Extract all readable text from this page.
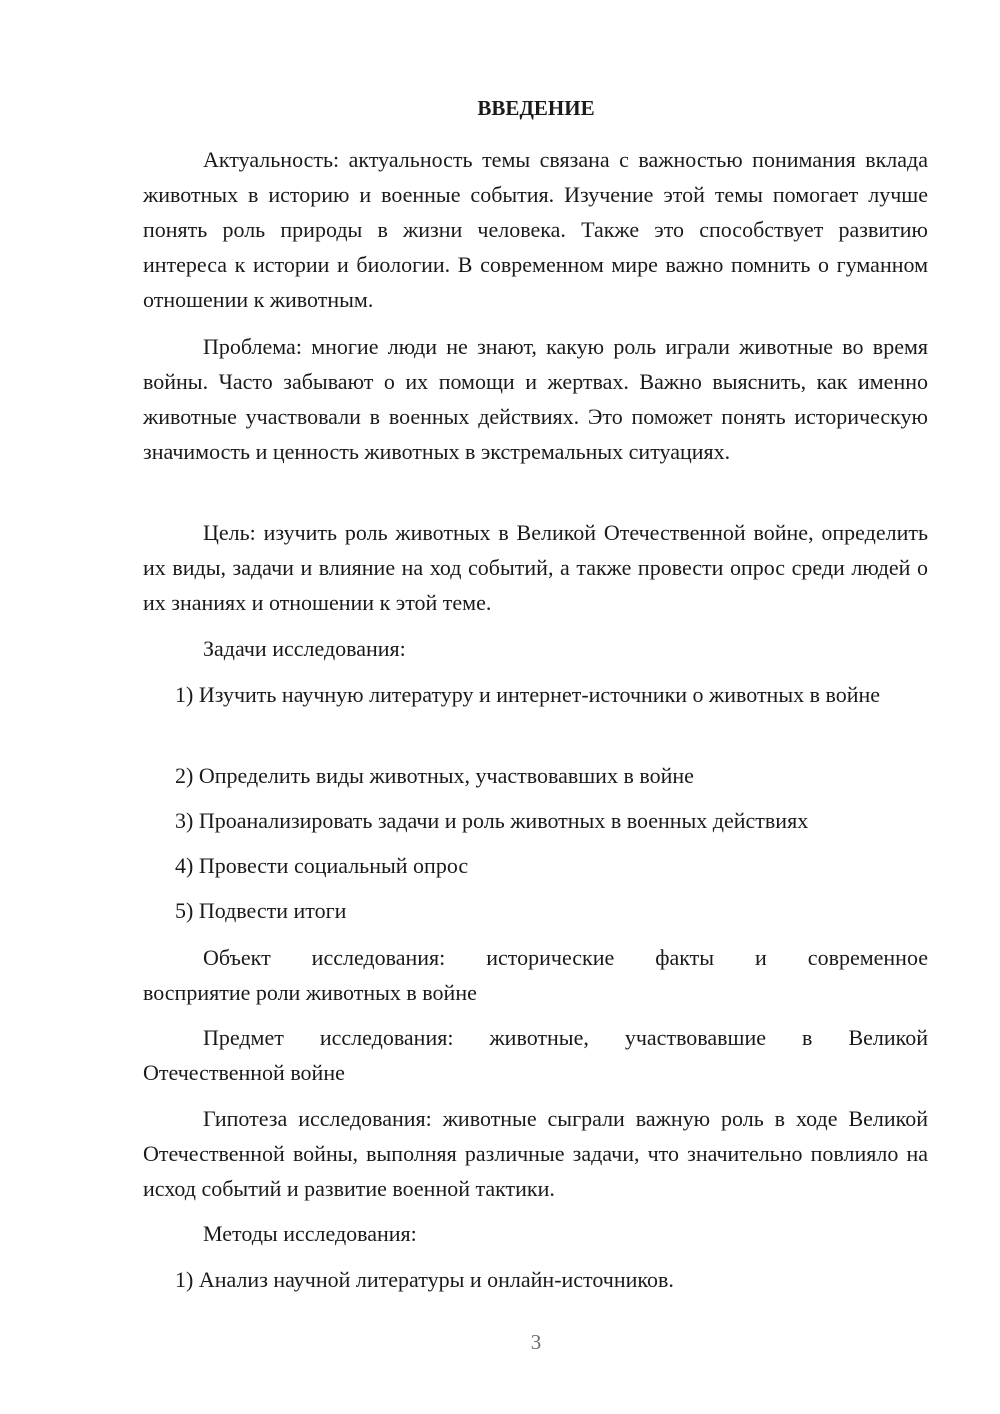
ВВЕДЕНИЕ

Актуальность: актуальность темы связана с важностью понимания вклада животных в историю и военные события. Изучение этой темы помогает лучше понять роль природы в жизни человека. Также это способствует развитию интереса к истории и биологии. В современном мире важно помнить о гуманном отношении к животным.

Проблема: многие люди не знают, какую роль играли животные во время войны. Часто забывают о их помощи и жертвах. Важно выяснить, как именно животные участвовали в военных действиях. Это поможет понять историческую значимость и ценность животных в экстремальных ситуациях.

Цель: изучить роль животных в Великой Отечественной войне, определить их виды, задачи и влияние на ход событий, а также провести опрос среди людей о их знаниях и отношении к этой теме.

Задачи исследования:

1) Изучить научную литературу и интернет-источники о животных в войне

2) Определить виды животных, участвовавших в войне

3) Проанализировать задачи и роль животных в военных действиях

4) Провести социальный опрос

5) Подвести итоги

Объект исследования: исторические факты и современное
восприятие роли животных в войне
Предмет исследования: животные, участвовавшие в Великой
Отечественной войне

Гипотеза исследования: животные сыграли важную роль в ходе Великой Отечественной войны, выполняя различные задачи, что значительно повлияло на исход событий и развитие военной тактики.

Методы исследования:

1) Анализ научной литературы и онлайн-источников.

3
